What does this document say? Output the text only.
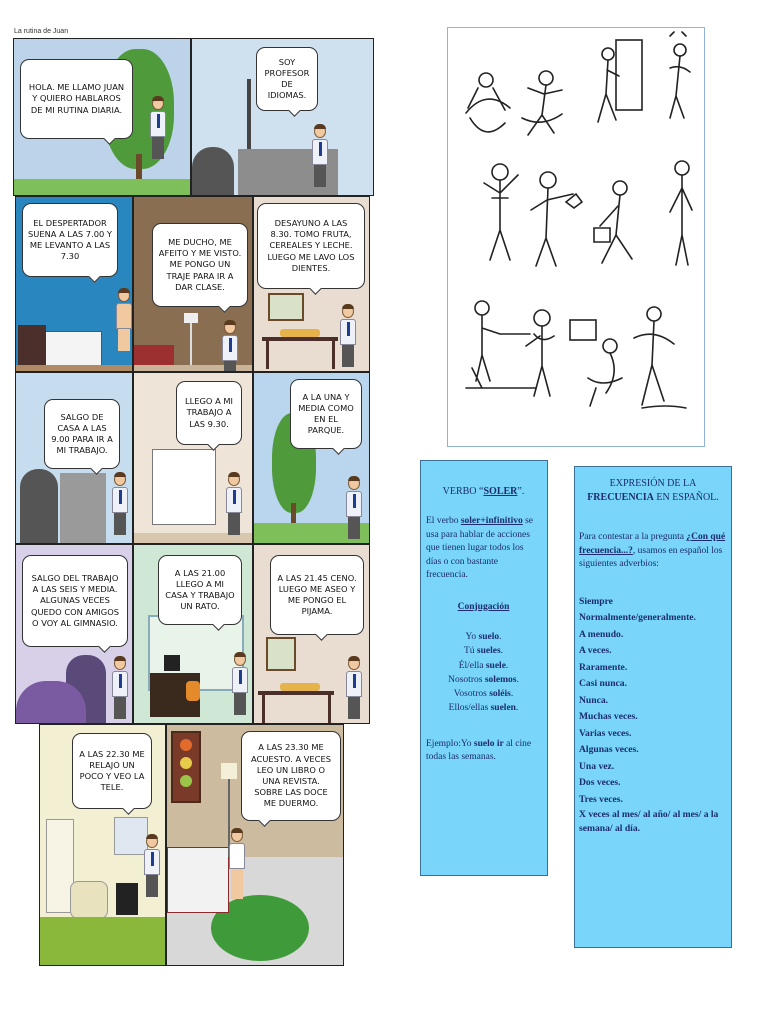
La rutina de Juan
HOLA. ME LLAMO JUAN Y QUIERO HABLAROS DE MI RUTINA DIARIA.
SOY PROFESOR DE IDIOMAS.
EL DESPERTADOR SUENA A LAS 7.00 Y ME LEVANTO A LAS 7.30
ME DUCHO, ME AFEITO Y ME VISTO. ME PONGO UN TRAJE PARA IR A DAR CLASE.
DESAYUNO A LAS 8.30. TOMO FRUTA, CEREALES Y LECHE. LUEGO ME LAVO LOS DIENTES.
SALGO DE CASA A LAS 9.00 PARA IR A MI TRABAJO.
LLEGO A MI TRABAJO A LAS 9.30.
A LA UNA Y MEDIA COMO EN EL PARQUE.
SALGO DEL TRABAJO A LAS SEIS Y MEDIA. ALGUNAS VECES QUEDO CON AMIGOS O VOY AL GIMNASIO.
A LAS 21.00 LLEGO A MI CASA Y TRABAJO UN RATO.
A LAS 21.45 CENO. LUEGO ME ASEO Y ME PONGO EL PIJAMA.
A LAS 22.30 ME RELAJO UN POCO Y VEO LA TELE.
A LAS 23.30 ME ACUESTO. A VECES LEO UN LIBRO O UNA REVISTA. SOBRE LAS DOCE ME DUERMO.

VERBO “SOLER”.

El verbo soler+infinitivo se usa para hablar de acciones que tienen lugar todos los días o con bastante frecuencia.

Conjugación

Yo suelo.
Tú sueles.
Él/ella suele.
Nosotros solemos.
Vosotros soléis.
Ellos/ellas suelen.

Ejemplo:Yo suelo ir al cine todas las semanas.

EXPRESIÓN DE LA FRECUENCIA EN ESPAÑOL.

Para contestar a la pregunta ¿Con qué frecuencia...?, usamos en español los siguientes adverbios:

Siempre
Normalmente/generalmente.
A menudo.
A veces.
Raramente.
Casi nunca.
Nunca.
Muchas veces.
Varias veces.
Algunas veces.
Una vez.
Dos veces.
Tres veces.
X veces al mes/ al año/ al mes/ a la semana/ al día.
